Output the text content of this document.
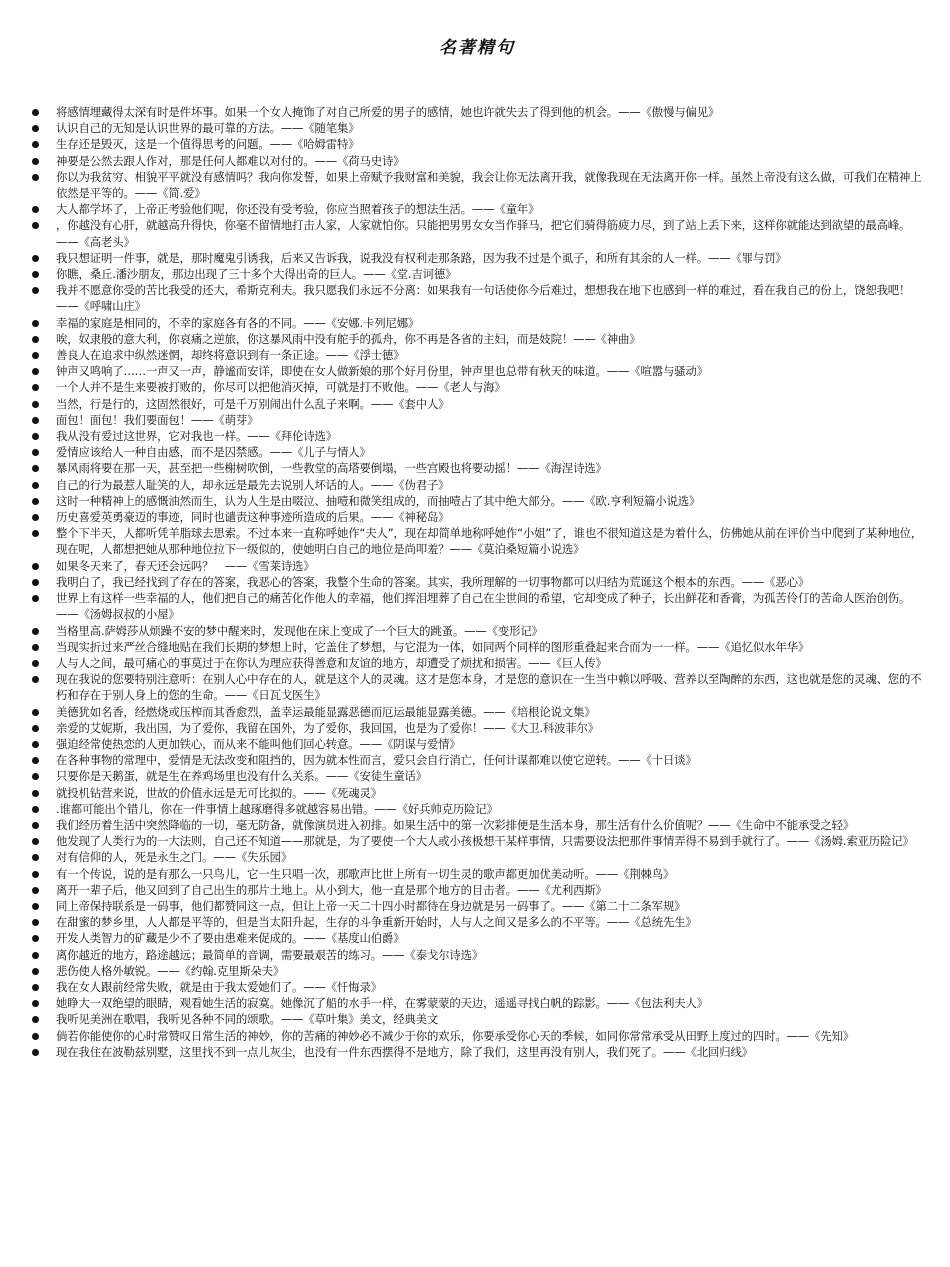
名著精句
将感情埋藏得太深有时是件坏事。如果一个女人掩饰了对自己所爱的男子的感情，她也许就失去了得到他的机会。——《傲慢与偏见》
认识自己的无知是认识世界的最可靠的方法。——《随笔集》
生存还是毁灭，这是一个值得思考的问题。——《哈姆雷特》
神要是公然去跟人作对，那是任何人都难以对付的。——《荷马史诗》
你以为我贫穷、相貌平平就没有感情吗？我向你发誓，如果上帝赋予我财富和美貌，我会让你无法离开我，就像我现在无法离开你一样。虽然上帝没有这么做，可我们在精神上依然是平等的。——《简.爱》
大人都学坏了，上帝正考验他们呢，你还没有受考验，你应当照着孩子的想法生活。——《童年》
，你越没有心肝，就越高升得快，你毫不留情地打击人家，人家就怕你。只能把男男女女当作驿马，把它们骑得筋疲力尽，到了站上丢下来，这样你就能达到欲望的最高峰。——《高老头》
我只想证明一件事，就是，那时魔鬼引诱我，后来又告诉我，说我没有权利走那条路，因为我不过是个虱子，和所有其余的人一样。——《罪与罚》
你瞧，桑丘.潘沙朋友，那边出现了三十多个大得出奇的巨人。——《堂.吉诃德》
我并不愿意你受的苦比我受的还大，希斯克利夫。我只愿我们永远不分离：如果我有一句话使你今后难过，想想我在地下也感到一样的难过，看在我自己的份上，饶恕我吧！——《呼啸山庄》
幸福的家庭是相同的，不幸的家庭各有各的不同。——《安娜.卡列尼娜》
唉，奴隶般的意大利，你哀痛之逆旅，你这暴风雨中没有舵手的孤舟，你不再是各省的主妇，而是妓院！——《神曲》
善良人在追求中纵然迷惘，却终将意识到有一条正途。——《浮士德》
钟声又鸣响了……一声又一声，静谧而安详，即使在女人做新娘的那个好月份里，钟声里也总带有秋天的味道。——《喧嚣与骚动》
一个人并不是生来要被打败的，你尽可以把他消灭掉，可就是打不败他。——《老人与海》
当然，行是行的，这固然很好，可是千万别闹出什么乱子来啊。——《套中人》
面包！面包！我们要面包！——《萌芽》
我从没有爱过这世界，它对我也一样。——《拜伦诗选》
爱情应该给人一种自由感，而不是囚禁感。——《儿子与情人》
暴风雨将要在那一天，甚至把一些榭树吹倒，一些教堂的高塔要倒塌，一些宫殿也将要动摇！——《海涅诗选》
自己的行为最惹人耻笑的人，却永远是最先去说别人坏话的人。——《伪君子》
这时一种精神上的感慨油然而生，认为人生是由啜泣、抽噎和微笑组成的，而抽噎占了其中绝大部分。——《欧.亨利短篇小说选》
历史喜爱英勇豪迈的事迹，同时也谴责这种事迹所造成的后果。——《神秘岛》
整个下半天，人都听凭羊脂球去思索。不过本来一直称呼她作“夫人”，现在却简单地称呼她作“小姐”了，谁也不很知道这是为着什么，仿佛她从前在评价当中爬到了某种地位，现在呢，人都想把她从那种地位拉下一级似的，使她明白自己的地位是尚叩羞？——《莫泊桑短篇小说选》
如果冬天来了，春天还会远吗？　——《雪莱诗选》
我明白了，我已经找到了存在的答案，我恶心的答案，我整个生命的答案。其实，我所理解的一切事物都可以归结为荒诞这个根本的东西。——《恶心》
世界上有这样一些幸福的人，他们把自己的痛苦化作他人的幸福，他们挥泪埋葬了自己在尘世间的希望，它却变成了种子，长出鲜花和香膏，为孤苦伶仃的苦命人医治创伤。——《汤姆叔叔的小屋》
当格里高.萨姆莎从烦躁不安的梦中醒来时，发现他在床上变成了一个巨大的跳蚤。——《变形记》
当现实折过来严丝合缝地贴在我们长期的梦想上时，它盖住了梦想，与它混为一体，如同两个同样的图形重叠起来合而为一一样。——《追忆似水年华》
人与人之间，最可痛心的事莫过于在你认为理应获得善意和友谊的地方，却遭受了烦扰和损害。——《巨人传》
现在我说的您要特别注意听：在别人心中存在的人，就是这个人的灵魂。这才是您本身，才是您的意识在一生当中赖以呼吸、营养以至陶醉的东西，这也就是您的灵魂、您的不朽和存在于别人身上的您的生命。——《日瓦戈医生》
美德犹如名香，经燃烧或压榨而其香愈烈，盖幸运最能显露恶德而厄运最能显露美德。——《培根论说文集》
亲爱的艾妮斯，我出国，为了爱你，我留在国外，为了爱你，我回国，也是为了爱你！——《大卫.科波菲尔》
强迫经常使热恋的人更加铁心，而从来不能叫他们回心转意。——《阴谋与爱情》
在各种事物的常理中，爱情是无法改变和阻挡的，因为就本性而言，爱只会自行消亡，任何计谋都难以使它逆转。——《十日谈》
只要你是天鹅蛋，就是生在养鸡场里也没有什么关系。——《安徒生童话》
就投机钻营来说，世故的价值永远是无可比拟的。——《死魂灵》
.谁都可能出个错儿，你在一件事情上越琢磨得多就越容易出错。——《好兵帅克历险记》
我们经历着生活中突然降临的一切，毫无防备，就像演员进入初排。如果生活中的第一次彩排便是生活本身，那生活有什么价值呢？——《生命中不能承受之轻》
他发现了人类行为的一大法则，自己还不知道——那就是，为了要使一个大人或小孩极想干某样事情，只需要设法把那件事情弄得不易到手就行了。——《汤姆.索亚历险记》
对有信仰的人，死是永生之门。——《失乐园》
有一个传说，说的是有那么一只鸟儿，它一生只唱一次，那歌声比世上所有一切生灵的歌声都更加优美动听。——《荆棘鸟》
离开一辈子后，他又回到了自己出生的那片土地上。从小到大，他一直是那个地方的目击者。——《尤利西斯》
同上帝保持联系是一码事，他们都赞同这一点，但让上帝一天二十四小时都待在身边就是另一码事了。——《第二十二条军规》
在甜蜜的梦乡里，人人都是平等的，但是当太阳升起，生存的斗争重新开始时，人与人之间又是多么的不平等。——《总统先生》
开发人类智力的矿藏是少不了要由患难来促成的。——《基度山伯爵》
离你越近的地方，路途越远；最简单的音调，需要最艰苦的练习。——《泰戈尔诗选》
悲伤使人格外敏锐。——《约翰.克里斯朵夫》
我在女人跟前经常失败，就是由于我太爱她们了。——《忏悔录》
她睁大一双绝望的眼睛，观看她生活的寂寞。她像沉了船的水手一样，在雾蒙蒙的天边，遥遥寻找白帆的踪影。——《包法利夫人》
我听见美洲在歌唱，我听见各种不同的颂歌。——《草叶集》美文，经典美文
倘若你能使你的心时常赞叹日常生活的神妙，你的苦痛的神妙必不减少于你的欢乐，你要承受你心天的季候，如同你常常承受从田野上度过的四时。——《先知》
现在我住在波勒兹别墅，这里找不到一点儿灰尘，也没有一件东西摆得不是地方，除了我们，这里再没有别人，我们死了。——《北回归线》
